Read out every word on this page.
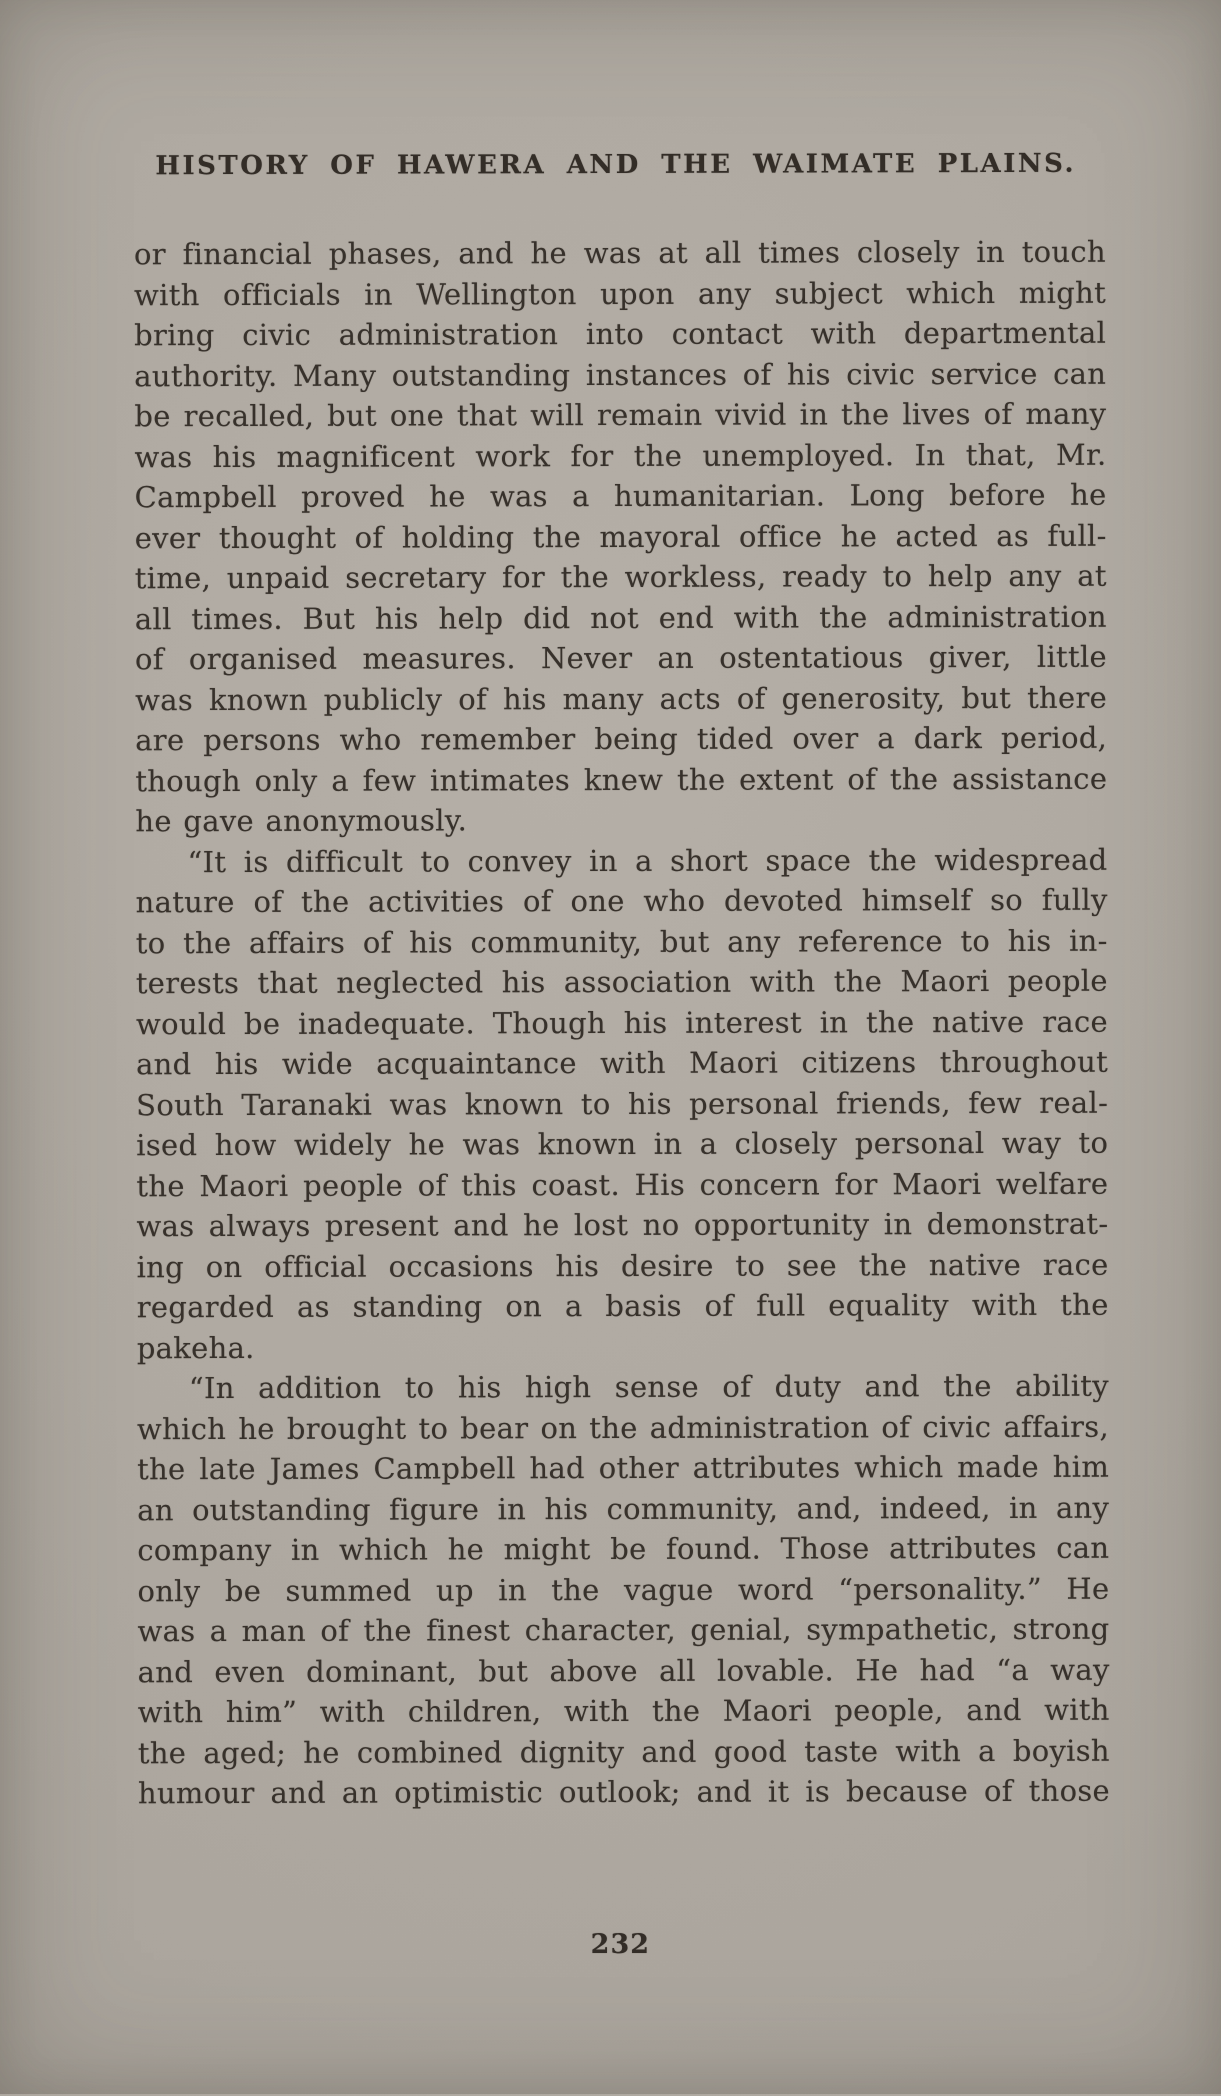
HISTORY OF HAWERA AND THE WAIMATE PLAINS.
or financial phases, and he was at all times closely in touch
with officials in Wellington upon any subject which might
bring civic administration into contact with departmental
authority. Many outstanding instances of his civic service can
be recalled, but one that will remain vivid in the lives of many
was his magnificent work for the unemployed. In that, Mr.
Campbell proved he was a humanitarian. Long before he
ever thought of holding the mayoral office he acted as full-
time, unpaid secretary for the workless, ready to help any at
all times. But his help did not end with the administration
of organised measures. Never an ostentatious giver, little
was known publicly of his many acts of generosity, but there
are persons who remember being tided over a dark period,
though only a few intimates knew the extent of the assistance
he gave anonymously.
“It is difficult to convey in a short space the widespread
nature of the activities of one who devoted himself so fully
to the affairs of his community, but any reference to his in-
terests that neglected his association with the Maori people
would be inadequate. Though his interest in the native race
and his wide acquaintance with Maori citizens throughout
South Taranaki was known to his personal friends, few real-
ised how widely he was known in a closely personal way to
the Maori people of this coast. His concern for Maori welfare
was always present and he lost no opportunity in demonstrat-
ing on official occasions his desire to see the native race
regarded as standing on a basis of full equality with the
pakeha.
“In addition to his high sense of duty and the ability
which he brought to bear on the administration of civic affairs,
the late James Campbell had other attributes which made him
an outstanding figure in his community, and, indeed, in any
company in which he might be found. Those attributes can
only be summed up in the vague word “personality.” He
was a man of the finest character, genial, sympathetic, strong
and even dominant, but above all lovable. He had “a way
with him” with children, with the Maori people, and with
the aged; he combined dignity and good taste with a boyish
humour and an optimistic outlook; and it is because of those
232
